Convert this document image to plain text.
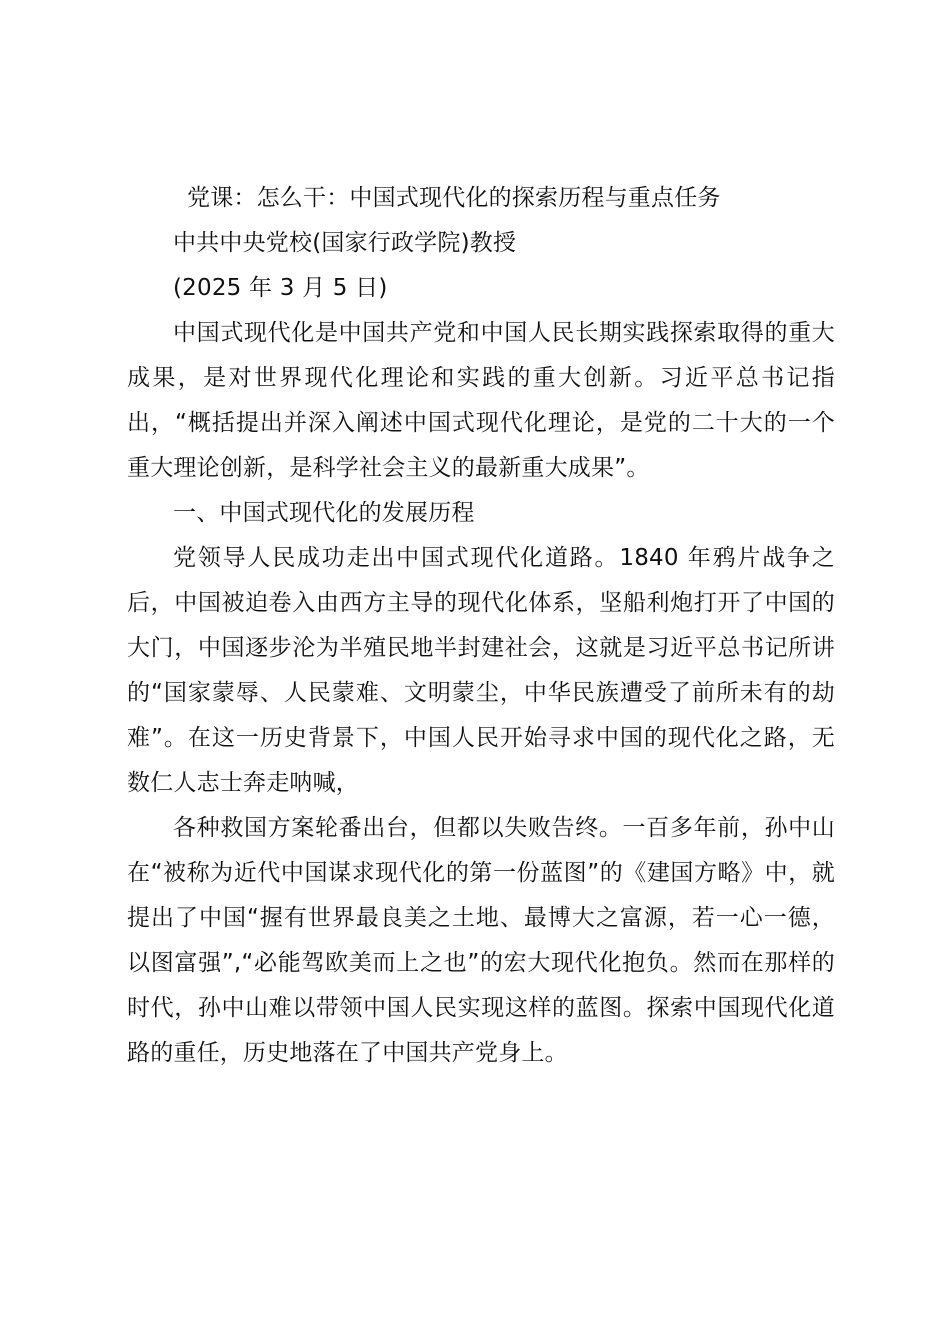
党课：怎么干：中国式现代化的探索历程与重点任务

中共中央党校(国家行政学院)教授

(2025 年 3 月 5 日)

中国式现代化是中国共产党和中国人民长期实践探索取得的重大成果，是对世界现代化理论和实践的重大创新。习近平总书记指出，“概括提出并深入阐述中国式现代化理论，是党的二十大的一个重大理论创新，是科学社会主义的最新重大成果”。

一、中国式现代化的发展历程

党领导人民成功走出中国式现代化道路。1840 年鸦片战争之后，中国被迫卷入由西方主导的现代化体系，坚船利炮打开了中国的大门，中国逐步沦为半殖民地半封建社会，这就是习近平总书记所讲的“国家蒙辱、人民蒙难、文明蒙尘，中华民族遭受了前所未有的劫难”。在这一历史背景下，中国人民开始寻求中国的现代化之路，无数仁人志士奔走呐喊，

各种救国方案轮番出台，但都以失败告终。一百多年前，孙中山在“被称为近代中国谋求现代化的第一份蓝图”的《建国方略》中，就提出了中国“握有世界最良美之土地、最博大之富源，若一心一德，以图富强”,“必能驾欧美而上之也”的宏大现代化抱负。然而在那样的时代，孙中山难以带领中国人民实现这样的蓝图。探索中国现代化道路的重任，历史地落在了中国共产党身上。
